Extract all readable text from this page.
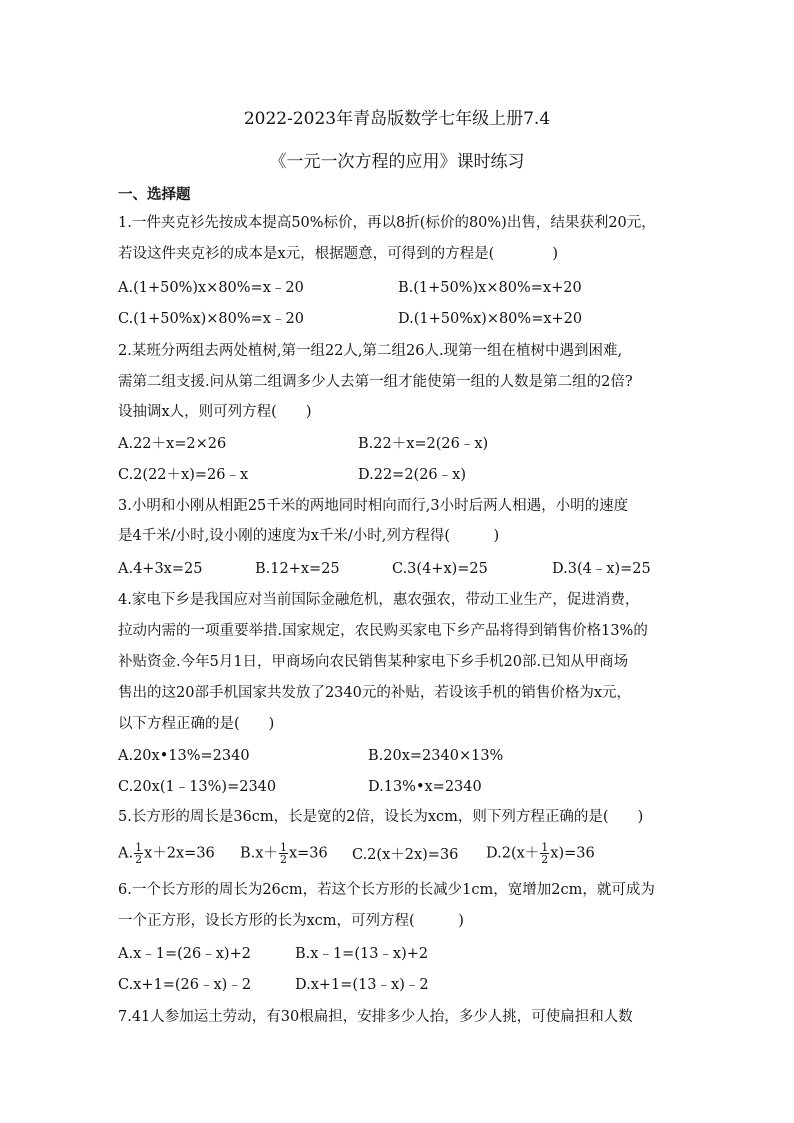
2022-2023年青岛版数学七年级上册7.4
《一元一次方程的应用》课时练习
一、选择题
1.一件夹克衫先按成本提高50%标价，再以8折(标价的80%)出售，结果获利20元，
若设这件夹克衫的成本是x元，根据题意，可得到的方程是(　　　　)
A.(1+50%)x×80%=x﹣20	B.(1+50%)x×80%=x+20
C.(1+50%x)×80%=x﹣20	D.(1+50%x)×80%=x+20
2.某班分两组去两处植树,第一组22人,第二组26人.现第一组在植树中遇到困难,
需第二组支援.问从第二组调多少人去第一组才能使第一组的人数是第二组的2倍?
设抽调x人，则可列方程(　　)
A.22＋x=2×26	B.22＋x=2(26﹣x)
C.2(22＋x)=26﹣x	D.22=2(26﹣x)
3.小明和小刚从相距25千米的两地同时相向而行,3小时后两人相遇，小明的速度
是4千米/小时,设小刚的速度为x千米/小时,列方程得(　　　)
A.4+3x=25	B.12+x=25	C.3(4+x)=25	D.3(4﹣x)=25
4.家电下乡是我国应对当前国际金融危机，惠农强农，带动工业生产，促进消费，
拉动内需的一项重要举措.国家规定，农民购买家电下乡产品将得到销售价格13%的
补贴资金.今年5月1日，甲商场向农民销售某种家电下乡手机20部.已知从甲商场
售出的这20部手机国家共发放了2340元的补贴，若设该手机的销售价格为x元，
以下方程正确的是(　　)
A.20x•13%=2340	B.20x=2340×13%
C.20x(1﹣13%)=2340	D.13%•x=2340
5.长方形的周长是36cm，长是宽的2倍，设长为xcm，则下列方程正确的是(　　)
A. $\frac{1}{2} x+2x=36$ $B.x+ \frac{1}{2} x=36$ C.2(x＋2x)=36 $D.2(x+ \frac{1}{2} x)=36$
6.一个长方形的周长为26cm，若这个长方形的长减少1cm，宽增加2cm，就可成为
一个正方形，设长方形的长为xcm，可列方程(　　　)
A.x﹣1=(26﹣x)+2	B.x﹣1=(13﹣x)+2
C.x+1=(26﹣x)﹣2	D.x+1=(13﹣x)﹣2
7.41人参加运土劳动，有30根扁担，安排多少人抬，多少人挑，可使扁担和人数
